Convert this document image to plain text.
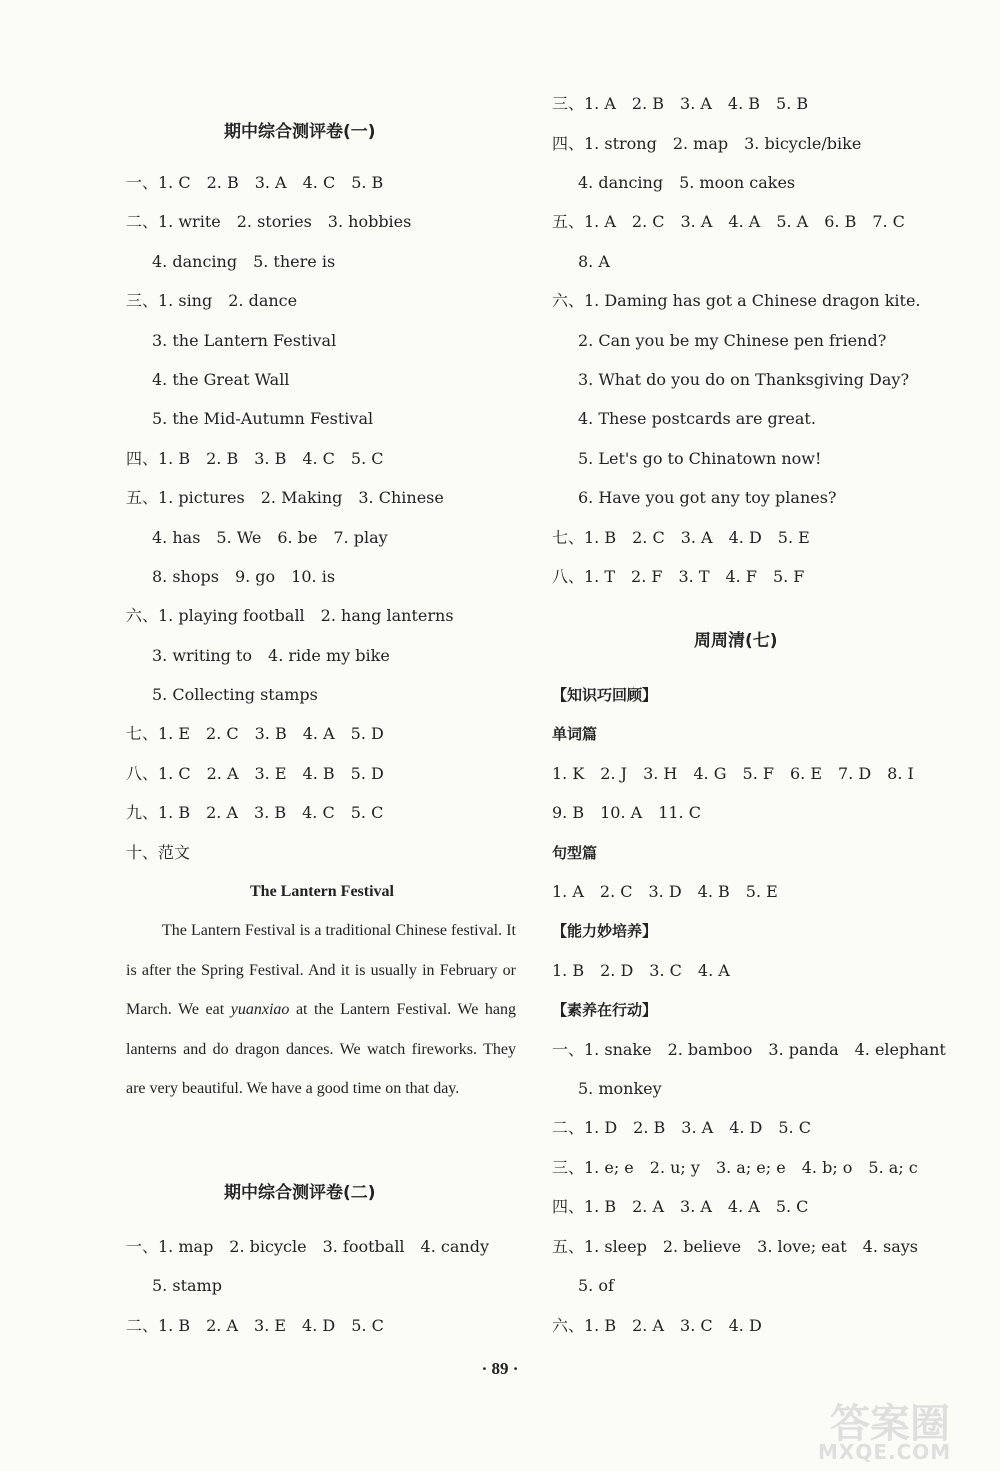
期中综合测评卷(一)
一、1. C　2. B　3. A　4. C　5. B
二、1. write　2. stories　3. hobbies
4. dancing　5. there is
三、1. sing　2. dance
3. the Lantern Festival
4. the Great Wall
5. the Mid-Autumn Festival
四、1. B　2. B　3. B　4. C　5. C
五、1. pictures　2. Making　3. Chinese
4. has　5. We　6. be　7. play
8. shops　9. go　10. is
六、1. playing football　2. hang lanterns
3. writing to　4. ride my bike
5. Collecting stamps
七、1. E　2. C　3. B　4. A　5. D
八、1. C　2. A　3. E　4. B　5. D
九、1. B　2. A　3. B　4. C　5. C
十、范文
The Lantern Festival
The Lantern Festival is a traditional Chinese festival. It is after the Spring Festival. And it is usually in February or March. We eat yuanxiao at the Lantern Festival. We hang lanterns and do dragon dances. We watch fireworks. They are very beautiful. We have a good time on that day.
期中综合测评卷(二)
一、1. map　2. bicycle　3. football　4. candy
5. stamp
二、1. B　2. A　3. E　4. D　5. C
三、1. A　2. B　3. A　4. B　5. B
四、1. strong　2. map　3. bicycle/bike
4. dancing　5. moon cakes
五、1. A　2. C　3. A　4. A　5. A　6. B　7. C
8. A
六、1. Daming has got a Chinese dragon kite.
2. Can you be my Chinese pen friend?
3. What do you do on Thanksgiving Day?
4. These postcards are great.
5. Let's go to Chinatown now!
6. Have you got any toy planes?
七、1. B　2. C　3. A　4. D　5. E
八、1. T　2. F　3. T　4. F　5. F
周周清(七)
【知识巧回顾】
单词篇
1. K　2. J　3. H　4. G　5. F　6. E　7. D　8. I
9. B　10. A　11. C
句型篇
1. A　2. C　3. D　4. B　5. E
【能力妙培养】
1. B　2. D　3. C　4. A
【素养在行动】
一、1. snake　2. bamboo　3. panda　4. elephant
5. monkey
二、1. D　2. B　3. A　4. D　5. C
三、1. e; e　2. u; y　3. a; e; e　4. b; o　5. a; c
四、1. B　2. A　3. A　4. A　5. C
五、1. sleep　2. believe　3. love; eat　4. says
5. of
六、1. B　2. A　3. C　4. D
· 89 ·
答案圈
MXQE.COM
